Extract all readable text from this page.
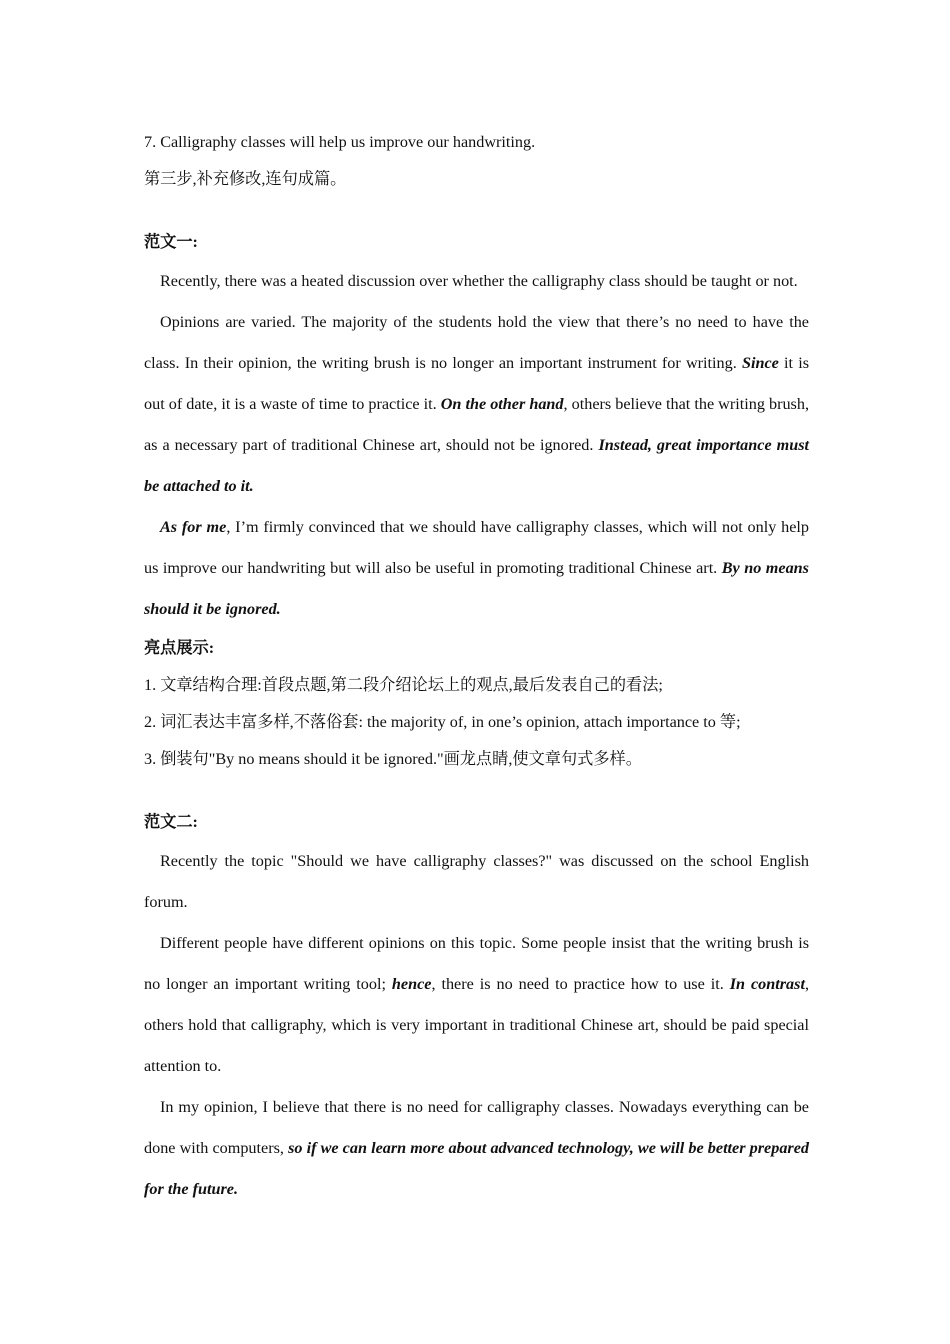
7. Calligraphy classes will help us improve our handwriting.

第三步,补充修改,连句成篇。

范文一:

Recently, there was a heated discussion over whether the calligraphy class should be taught or not.

Opinions are varied. The majority of the students hold the view that there’s no need to have the class. In their opinion, the writing brush is no longer an important instrument for writing. Since it is out of date, it is a waste of time to practice it. On the other hand, others believe that the writing brush, as a necessary part of traditional Chinese art, should not be ignored. Instead, great importance must be attached to it.

As for me, I’m firmly convinced that we should have calligraphy classes, which will not only help us improve our handwriting but will also be useful in promoting traditional Chinese art. By no means should it be ignored.

亮点展示:

1. 文章结构合理:首段点题,第二段介绍论坛上的观点,最后发表自己的看法;

2. 词汇表达丰富多样,不落俗套: the majority of, in one’s opinion, attach importance to 等;

3. 倒装句"By no means should it be ignored."画龙点睛,使文章句式多样。

范文二:

Recently the topic "Should we have calligraphy classes?" was discussed on the school English forum.

Different people have different opinions on this topic. Some people insist that the writing brush is no longer an important writing tool; hence, there is no need to practice how to use it. In contrast, others hold that calligraphy, which is very important in traditional Chinese art, should be paid special attention to.

In my opinion, I believe that there is no need for calligraphy classes. Nowadays everything can be done with computers, so if we can learn more about advanced technology, we will be better prepared for the future.
